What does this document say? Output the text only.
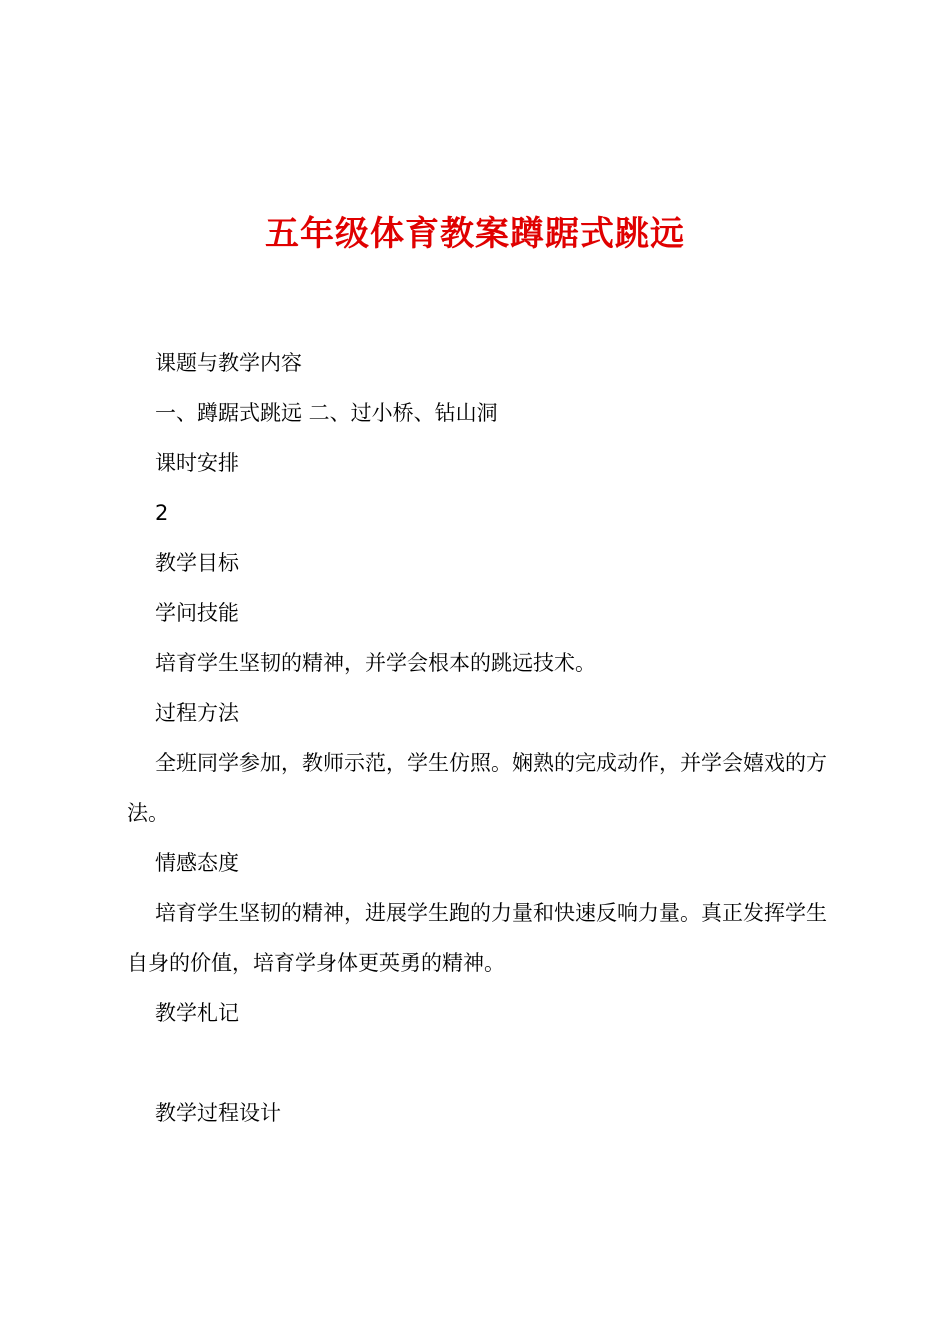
五年级体育教案蹲踞式跳远

课题与教学内容

一、蹲踞式跳远 二、过小桥、钻山洞

课时安排

2

教学目标

学问技能

培育学生坚韧的精神，并学会根本的跳远技术。

过程方法

全班同学参加，教师示范，学生仿照。娴熟的完成动作，并学会嬉戏的方法。

情感态度

培育学生坚韧的精神，进展学生跑的力量和快速反响力量。真正发挥学生自身的价值，培育学身体更英勇的精神。

教学札记

教学过程设计
